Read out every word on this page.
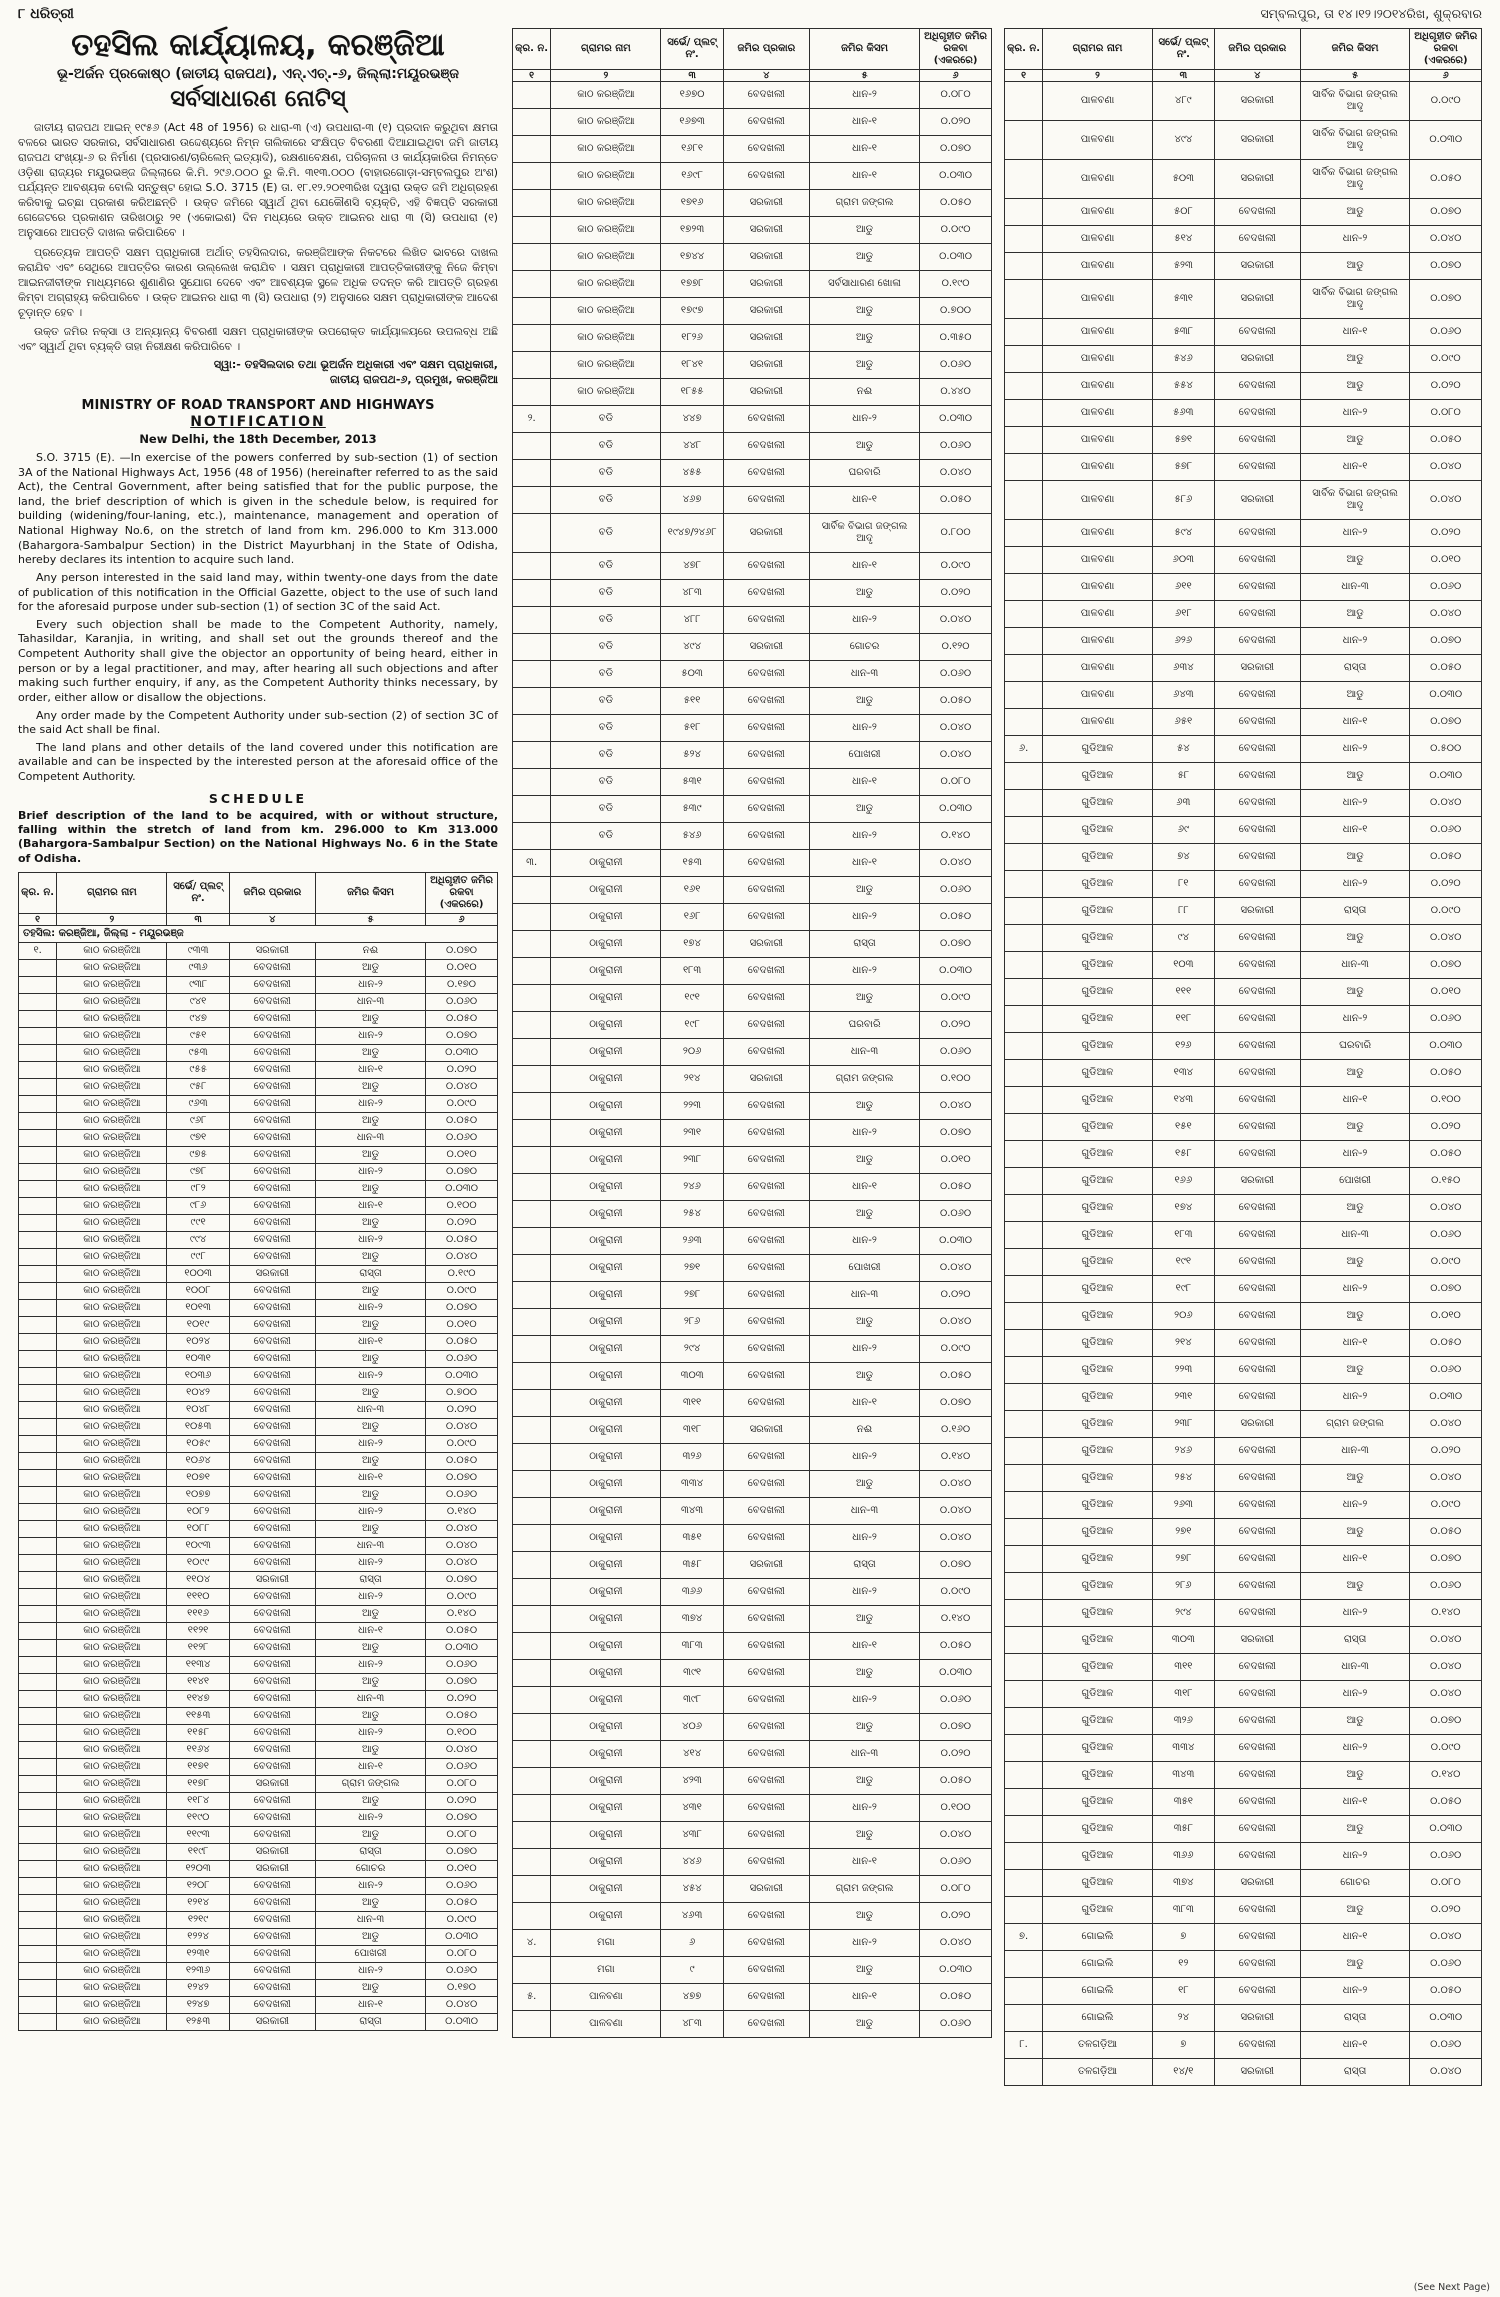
୮ ଧରିତ୍ରୀ	ସମ୍ବଲପୁର, ତା ୧୪।୧୨।୨୦୧୪ରିଖ, ଶୁକ୍ରବାର
ତହସିଲ କାର୍ଯ୍ୟାଳୟ, କରଞ୍ଜିଆ
ଭୂ-ଅର୍ଜନ ପ୍ରକୋଷ୍ଠ (ଜାତୀୟ ରାଜପଥ), ଏନ୍.ଏଚ୍.-୬, ଜିଲ୍ଲା:ମୟୂରଭଞ୍ଜ
ସର୍ବସାଧାରଣ ନୋଟିସ୍

ଜାତୀୟ ରାଜପଥ ଆଇନ୍ ୧୯୫୬ (Act 48 of 1956) ର ଧାରା-୩ (ଏ) ଉପଧାରା-୩ (୧) ପ୍ରଦାନ କରୁଥିବା କ୍ଷମତା ବଳରେ ଭାରତ ସରକାର, ସର୍ବସାଧାରଣ ଉଦ୍ଦେଶ୍ୟରେ ନିମ୍ନ ତାଲିକାରେ ସଂକ୍ଷିପ୍ତ ବିବରଣୀ ଦିଆଯାଇଥିବା ଜମି ଜାତୀୟ ରାଜପଥ ସଂଖ୍ୟା-୬ ର ନିର୍ମାଣ (ପ୍ରସାରଣ/ଚାରିଲେନ୍ ଇତ୍ୟାଦି), ରକ୍ଷଣାବେକ୍ଷଣ, ପରିଚାଳନା ଓ କାର୍ଯ୍ୟକାରିତା ନିମନ୍ତେ ଓଡ଼ିଶା ରାଜ୍ୟର ମୟୂରଭଞ୍ଜ ଜିଲ୍ଲାରେ କି.ମି. ୨୯୬.୦୦୦ ରୁ କି.ମି. ୩୧୩.୦୦୦ (ବାହାରଗୋଡ଼ା-ସମ୍ବଲପୁର ଅଂଶ) ପର୍ଯ୍ୟନ୍ତ ଆବଶ୍ୟକ ବୋଲି ସନ୍ତୁଷ୍ଟ ହୋଇ S.O. 3715 (E) ତା. ୧୮.୧୨.୨୦୧୩ରିଖ ଦ୍ୱାରା ଉକ୍ତ ଜମି ଅଧିଗ୍ରହଣ କରିବାକୁ ଇଚ୍ଛା ପ୍ରକାଶ କରିଅଛନ୍ତି । ଉକ୍ତ ଜମିରେ ସ୍ୱାର୍ଥ ଥିବା ଯେକୌଣସି ବ୍ୟକ୍ତି, ଏହି ବିଜ୍ଞପ୍ତି ସରକାରୀ ଗେଜେଟରେ ପ୍ରକାଶନ ତାରିଖଠାରୁ ୨୧ (ଏକୋଇଶ) ଦିନ ମଧ୍ୟରେ ଉକ୍ତ ଆଇନର ଧାରା ୩ (ସି) ଉପଧାରା (୧) ଅନୁସାରେ ଆପତ୍ତି ଦାଖଲ କରିପାରିବେ ।

ପ୍ରତ୍ୟେକ ଆପତ୍ତି ସକ୍ଷମ ପ୍ରାଧିକାରୀ ଅର୍ଥାତ୍ ତହସିଲଦାର, କରଞ୍ଜିଆଙ୍କ ନିକଟରେ ଲିଖିତ ଭାବରେ ଦାଖଲ କରାଯିବ ଏବଂ ସେଥିରେ ଆପତ୍ତିର କାରଣ ଉଲ୍ଲେଖ କରାଯିବ । ସକ୍ଷମ ପ୍ରାଧିକାରୀ ଆପତ୍ତିକାରୀଙ୍କୁ ନିଜେ କିମ୍ବା ଆଇନଜୀବୀଙ୍କ ମାଧ୍ୟମରେ ଶୁଣାଣିର ସୁଯୋଗ ଦେବେ ଏବଂ ଆବଶ୍ୟକ ସ୍ଥଳେ ଅଧିକ ତଦନ୍ତ କରି ଆପତ୍ତି ଗ୍ରହଣ କିମ୍ବା ଅଗ୍ରାହ୍ୟ କରିପାରିବେ । ଉକ୍ତ ଆଇନର ଧାରା ୩ (ସି) ଉପଧାରା (୨) ଅନୁସାରେ ସକ୍ଷମ ପ୍ରାଧିକାରୀଙ୍କ ଆଦେଶ ଚୂଡ଼ାନ୍ତ ହେବ ।

ଉକ୍ତ ଜମିର ନକ୍ସା ଓ ଅନ୍ୟାନ୍ୟ ବିବରଣୀ ସକ୍ଷମ ପ୍ରାଧିକାରୀଙ୍କ ଉପରୋକ୍ତ କାର୍ଯ୍ୟାଳୟରେ ଉପଲବ୍ଧ ଅଛି ଏବଂ ସ୍ୱାର୍ଥ ଥିବା ବ୍ୟକ୍ତି ତାହା ନିରୀକ୍ଷଣ କରିପାରିବେ ।

ସ୍ୱା:- ତହସିଲଦାର ତଥା ଭୂଅର୍ଜନ ଅଧିକାରୀ ଏବଂ ସକ୍ଷମ ପ୍ରାଧିକାରୀ,
ଜାତୀୟ ରାଜପଥ-୬, ପ୍ରମୁଖ, କରଞ୍ଜିଆ
MINISTRY OF ROAD TRANSPORT AND HIGHWAYS
NOTIFICATION
New Delhi, the 18th December, 2013

S.O. 3715 (E). —In exercise of the powers conferred by sub-section (1) of section 3A of the National Highways Act, 1956 (48 of 1956) (hereinafter referred to as the said Act), the Central Government, after being satisfied that for the public purpose, the land, the brief description of which is given in the schedule below, is required for building (widening/four-laning, etc.), maintenance, management and operation of National Highway No.6, on the stretch of land from km. 296.000 to Km 313.000 (Bahargora-Sambalpur Section) in the District Mayurbhanj in the State of Odisha, hereby declares its intention to acquire such land.

Any person interested in the said land may, within twenty-one days from the date of publication of this notification in the Official Gazette, object to the use of such land for the aforesaid purpose under sub-section (1) of section 3C of the said Act.

Every such objection shall be made to the Competent Authority, namely, Tahasildar, Karanjia, in writing, and shall set out the grounds thereof and the Competent Authority shall give the objector an opportunity of being heard, either in person or by a legal practitioner, and may, after hearing all such objections and after making such further enquiry, if any, as the Competent Authority thinks necessary, by order, either allow or disallow the objections.

Any order made by the Competent Authority under sub-section (2) of section 3C of the said Act shall be final.

The land plans and other details of the land covered under this notification are available and can be inspected by the interested person at the aforesaid office of the Competent Authority.

SCHEDULE
Brief description of the land to be acquired, with or without structure, falling within the stretch of land from km. 296.000 to Km 313.000 (Bahargora-Sambalpur Section) on the National Highways No. 6 in the State of Odisha.
କ୍ର. ନ.	ଗ୍ରାମର ନାମ	ସର୍ଭେ/ ପ୍ଲଟ୍ ନଂ.	ଜମିର ପ୍ରକାର	ଜମିର କିସମ	ଅଧିଗୃହୀତ ଜମିର ରକବା (ଏକରରେ)
୧	୨	୩	୪	୫	୬
ତହସିଲ: କରଞ୍ଜିଆ, ଜିଲ୍ଲା - ମୟୂରଭଞ୍ଜ					
୧.	କାଠ କରଞ୍ଜିଆ	୯୩୩	ସରକାରୀ	ନଈ	୦.୦୭୦
	କାଠ କରଞ୍ଜିଆ	୯୩୬	ବେଦଖଲୀ	ଆଡୁ	୦.୦୧୦
	କାଠ କରଞ୍ଜିଆ	୯୩୮	ବେଦଖଲୀ	ଧାନ-୨	୦.୧୭୦
	କାଠ କରଞ୍ଜିଆ	୯୪୧	ବେଦଖଲୀ	ଧାନ-୩	୦.୦୬୦
	କାଠ କରଞ୍ଜିଆ	୯୪୭	ବେଦଖଲୀ	ଆଡୁ	୦.୦୫୦
	କାଠ କରଞ୍ଜିଆ	୯୫୧	ବେଦଖଲୀ	ଧାନ-୨	୦.୦୭୦
	କାଠ କରଞ୍ଜିଆ	୯୫୩	ବେଦଖଲୀ	ଆଡୁ	୦.୦୩୦
	କାଠ କରଞ୍ଜିଆ	୯୫୫	ବେଦଖଲୀ	ଧାନ-୧	୦.୦୨୦
	କାଠ କରଞ୍ଜିଆ	୯୫୮	ବେଦଖଲୀ	ଆଡୁ	୦.୦୪୦
	କାଠ କରଞ୍ଜିଆ	୯୬୩	ବେଦଖଲୀ	ଧାନ-୨	୦.୦୯୦
	କାଠ କରଞ୍ଜିଆ	୯୬୮	ବେଦଖଲୀ	ଆଡୁ	୦.୦୫୦
	କାଠ କରଞ୍ଜିଆ	୯୭୧	ବେଦଖଲୀ	ଧାନ-୩	୦.୦୬୦
	କାଠ କରଞ୍ଜିଆ	୯୭୫	ବେଦଖଲୀ	ଆଡୁ	୦.୦୧୦
	କାଠ କରଞ୍ଜିଆ	୯୭୮	ବେଦଖଲୀ	ଧାନ-୨	୦.୦୭୦
	କାଠ କରଞ୍ଜିଆ	୯୮୨	ବେଦଖଲୀ	ଆଡୁ	୦.୦୩୦
	କାଠ କରଞ୍ଜିଆ	୯୮୬	ବେଦଖଲୀ	ଧାନ-୧	୦.୧୦୦
	କାଠ କରଞ୍ଜିଆ	୯୯୧	ବେଦଖଲୀ	ଆଡୁ	୦.୦୨୦
	କାଠ କରଞ୍ଜିଆ	୯୯୪	ବେଦଖଲୀ	ଧାନ-୨	୦.୦୫୦
	କାଠ କରଞ୍ଜିଆ	୯୯୮	ବେଦଖଲୀ	ଆଡୁ	୦.୦୪୦
	କାଠ କରଞ୍ଜିଆ	୧୦୦୩	ସରକାରୀ	ରାସ୍ତା	୦.୧୯୦
	କାଠ କରଞ୍ଜିଆ	୧୦୦୮	ବେଦଖଲୀ	ଆଡୁ	୦.୦୯୦
	କାଠ କରଞ୍ଜିଆ	୧୦୧୩	ବେଦଖଲୀ	ଧାନ-୨	୦.୦୭୦
	କାଠ କରଞ୍ଜିଆ	୧୦୧୯	ବେଦଖଲୀ	ଆଡୁ	୦.୦୧୦
	କାଠ କରଞ୍ଜିଆ	୧୦୨୪	ବେଦଖଲୀ	ଧାନ-୧	୦.୦୫୦
	କାଠ କରଞ୍ଜିଆ	୧୦୩୧	ବେଦଖଲୀ	ଆଡୁ	୦.୦୬୦
	କାଠ କରଞ୍ଜିଆ	୧୦୩୬	ବେଦଖଲୀ	ଧାନ-୨	୦.୦୩୦
	କାଠ କରଞ୍ଜିଆ	୧୦୪୨	ବେଦଖଲୀ	ଆଡୁ	୦.୭୦୦
	କାଠ କରଞ୍ଜିଆ	୧୦୪୮	ବେଦଖଲୀ	ଧାନ-୩	୦.୦୨୦
	କାଠ କରଞ୍ଜିଆ	୧୦୫୩	ବେଦଖଲୀ	ଆଡୁ	୦.୦୪୦
	କାଠ କରଞ୍ଜିଆ	୧୦୫୯	ବେଦଖଲୀ	ଧାନ-୨	୦.୦୯୦
	କାଠ କରଞ୍ଜିଆ	୧୦୬୪	ବେଦଖଲୀ	ଆଡୁ	୦.୦୫୦
	କାଠ କରଞ୍ଜିଆ	୧୦୭୧	ବେଦଖଲୀ	ଧାନ-୧	୦.୦୭୦
	କାଠ କରଞ୍ଜିଆ	୧୦୭୭	ବେଦଖଲୀ	ଆଡୁ	୦.୦୬୦
	କାଠ କରଞ୍ଜିଆ	୧୦୮୨	ବେଦଖଲୀ	ଧାନ-୨	୦.୧୪୦
	କାଠ କରଞ୍ଜିଆ	୧୦୮୮	ବେଦଖଲୀ	ଆଡୁ	୦.୦୪୦
	କାଠ କରଞ୍ଜିଆ	୧୦୯୩	ବେଦଖଲୀ	ଧାନ-୩	୦.୦୪୦
	କାଠ କରଞ୍ଜିଆ	୧୦୯୯	ବେଦଖଲୀ	ଧାନ-୨	୦.୦୪୦
	କାଠ କରଞ୍ଜିଆ	୧୧୦୪	ସରକାରୀ	ରାସ୍ତା	୦.୦୭୦
	କାଠ କରଞ୍ଜିଆ	୧୧୧୦	ବେଦଖଲୀ	ଧାନ-୨	୦.୦୯୦
	କାଠ କରଞ୍ଜିଆ	୧୧୧୬	ବେଦଖଲୀ	ଆଡୁ	୦.୧୪୦
	କାଠ କରଞ୍ଜିଆ	୧୧୨୧	ବେଦଖଲୀ	ଧାନ-୧	୦.୦୫୦
	କାଠ କରଞ୍ଜିଆ	୧୧୨୮	ବେଦଖଲୀ	ଆଡୁ	୦.୦୩୦
	କାଠ କରଞ୍ଜିଆ	୧୧୩୪	ବେଦଖଲୀ	ଧାନ-୨	୦.୦୬୦
	କାଠ କରଞ୍ଜିଆ	୧୧୪୧	ବେଦଖଲୀ	ଆଡୁ	୦.୦୭୦
	କାଠ କରଞ୍ଜିଆ	୧୧୪୭	ବେଦଖଲୀ	ଧାନ-୩	୦.୦୨୦
	କାଠ କରଞ୍ଜିଆ	୧୧୫୩	ବେଦଖଲୀ	ଆଡୁ	୦.୦୫୦
	କାଠ କରଞ୍ଜିଆ	୧୧୫୮	ବେଦଖଲୀ	ଧାନ-୨	୦.୧୦୦
	କାଠ କରଞ୍ଜିଆ	୧୧୬୪	ବେଦଖଲୀ	ଆଡୁ	୦.୦୪୦
	କାଠ କରଞ୍ଜିଆ	୧୧୭୧	ବେଦଖଲୀ	ଧାନ-୧	୦.୦୬୦
	କାଠ କରଞ୍ଜିଆ	୧୧୭୮	ସରକାରୀ	ଗ୍ରାମ ଜଙ୍ଗଲ	୦.୦୮୦
	କାଠ କରଞ୍ଜିଆ	୧୧୮୪	ବେଦଖଲୀ	ଆଡୁ	୦.୦୨୦
	କାଠ କରଞ୍ଜିଆ	୧୧୯୦	ବେଦଖଲୀ	ଧାନ-୨	୦.୦୭୦
	କାଠ କରଞ୍ଜିଆ	୧୧୯୩	ବେଦଖଲୀ	ଆଡୁ	୦.୦୮୦
	କାଠ କରଞ୍ଜିଆ	୧୧୯୮	ସରକାରୀ	ରାସ୍ତା	୦.୦୭୦
	କାଠ କରଞ୍ଜିଆ	୧୨୦୩	ସରକାରୀ	ଗୋଚର	୦.୦୧୦
	କାଠ କରଞ୍ଜିଆ	୧୨୦୮	ବେଦଖଲୀ	ଧାନ-୨	୦.୦୬୦
	କାଠ କରଞ୍ଜିଆ	୧୨୧୪	ବେଦଖଲୀ	ଆଡୁ	୦.୦୫୦
	କାଠ କରଞ୍ଜିଆ	୧୨୧୯	ବେଦଖଲୀ	ଧାନ-୩	୦.୦୯୦
	କାଠ କରଞ୍ଜିଆ	୧୨୨୪	ବେଦଖଲୀ	ଆଡୁ	୦.୦୩୦
	କାଠ କରଞ୍ଜିଆ	୧୨୩୧	ବେଦଖଲୀ	ପୋଖରୀ	୦.୦୮୦
	କାଠ କରଞ୍ଜିଆ	୧୨୩୬	ବେଦଖଲୀ	ଧାନ-୨	୦.୦୬୦
	କାଠ କରଞ୍ଜିଆ	୧୨୪୨	ବେଦଖଲୀ	ଆଡୁ	୦.୧୭୦
	କାଠ କରଞ୍ଜିଆ	୧୨୪୭	ବେଦଖଲୀ	ଧାନ-୧	୦.୦୪୦
	କାଠ କରଞ୍ଜିଆ	୧୨୫୩	ସରକାରୀ	ରାସ୍ତା	୦.୦୩୦
କ୍ର. ନ.	ଗ୍ରାମର ନାମ	ସର୍ଭେ/ ପ୍ଲଟ୍ ନଂ.	ଜମିର ପ୍ରକାର	ଜମିର କିସମ	ଅଧିଗୃହୀତ ଜମିର ରକବା (ଏକରରେ)
୧	୨	୩	୪	୫	୬
	କାଠ କରଞ୍ଜିଆ	୧୬୭୦	ବେଦଖଲୀ	ଧାନ-୨	୦.୦୮୦
	କାଠ କରଞ୍ଜିଆ	୧୬୭୩	ବେଦଖଲୀ	ଧାନ-୧	୦.୦୨୦
	କାଠ କରଞ୍ଜିଆ	୧୬୮୧	ବେଦଖଲୀ	ଧାନ-୧	୦.୦୭୦
	କାଠ କରଞ୍ଜିଆ	୧୬୯୮	ବେଦଖଲୀ	ଧାନ-୧	୦.୦୩୦
	କାଠ କରଞ୍ଜିଆ	୧୭୧୬	ସରକାରୀ	ଗ୍ରାମ ଜଙ୍ଗଲ	୦.୦୫୦
	କାଠ କରଞ୍ଜିଆ	୧୭୨୩	ସରକାରୀ	ଆଡୁ	୦.୦୯୦
	କାଠ କରଞ୍ଜିଆ	୧୭୪୪	ସରକାରୀ	ଆଡୁ	୦.୦୩୦
	କାଠ କରଞ୍ଜିଆ	୧୭୭୮	ସରକାରୀ	ସର୍ବସାଧାରଣ ଖୋଳା	୦.୧୯୦
	କାଠ କରଞ୍ଜିଆ	୧୭୯୭	ସରକାରୀ	ଆଡୁ	୦.୭୦୦
	କାଠ କରଞ୍ଜିଆ	୧୮୨୬	ସରକାରୀ	ଆଡୁ	୦.୩୫୦
	କାଠ କରଞ୍ଜିଆ	୧୮୪୧	ସରକାରୀ	ଆଡୁ	୦.୦୬୦
	କାଠ କରଞ୍ଜିଆ	୧୮୫୫	ସରକାରୀ	ନଈ	୦.୪୪୦
୨.	ବଡି	୪୪୭	ବେଦଖଲୀ	ଧାନ-୨	୦.୦୩୦
	ବଡି	୪୪୮	ବେଦଖଲୀ	ଆଡୁ	୦.୦୬୦
	ବଡି	୪୫୫	ବେଦଖଲୀ	ଘରବାରି	୦.୦୪୦
	ବଡି	୪୬୭	ବେଦଖଲୀ	ଧାନ-୧	୦.୦୫୦
	ବଡି	୧୯୪୭/୨୪୬୮	ସରକାରୀ	ସାର୍ବିକ ବିଭାଗ ଜଙ୍ଗଲ ଆଦୃ	୦.୮୦୦
	ବଡି	୪୭୮	ବେଦଖଲୀ	ଧାନ-୧	୦.୦୯୦
	ବଡି	୪୮୩	ବେଦଖଲୀ	ଆଡୁ	୦.୦୨୦
	ବଡି	୪୮୮	ବେଦଖଲୀ	ଧାନ-୨	୦.୦୪୦
	ବଡି	୪୯୪	ସରକାରୀ	ଗୋଚର	୦.୧୨୦
	ବଡି	୫୦୩	ବେଦଖଲୀ	ଧାନ-୩	୦.୦୬୦
	ବଡି	୫୧୧	ବେଦଖଲୀ	ଆଡୁ	୦.୦୫୦
	ବଡି	୫୧୮	ବେଦଖଲୀ	ଧାନ-୨	୦.୦୪୦
	ବଡି	୫୨୪	ବେଦଖଲୀ	ପୋଖରୀ	୦.୦୪୦
	ବଡି	୫୩୧	ବେଦଖଲୀ	ଧାନ-୧	୦.୦୮୦
	ବଡି	୫୩୯	ବେଦଖଲୀ	ଆଡୁ	୦.୦୩୦
	ବଡି	୫୪୬	ବେଦଖଲୀ	ଧାନ-୨	୦.୧୪୦
୩.	ଠାକୁରାନୀ	୧୫୩	ବେଦଖଲୀ	ଧାନ-୧	୦.୦୪୦
	ଠାକୁରାନୀ	୧୬୧	ବେଦଖଲୀ	ଆଡୁ	୦.୦୬୦
	ଠାକୁରାନୀ	୧୬୮	ବେଦଖଲୀ	ଧାନ-୨	୦.୦୫୦
	ଠାକୁରାନୀ	୧୭୪	ସରକାରୀ	ରାସ୍ତା	୦.୦୭୦
	ଠାକୁରାନୀ	୧୮୩	ବେଦଖଲୀ	ଧାନ-୨	୦.୦୩୦
	ଠାକୁରାନୀ	୧୯୧	ବେଦଖଲୀ	ଆଡୁ	୦.୦୯୦
	ଠାକୁରାନୀ	୧୯୮	ବେଦଖଲୀ	ଘରବାରି	୦.୦୨୦
	ଠାକୁରାନୀ	୨୦୬	ବେଦଖଲୀ	ଧାନ-୩	୦.୦୬୦
	ଠାକୁରାନୀ	୨୧୪	ସରକାରୀ	ଗ୍ରାମ ଜଙ୍ଗଲ	୦.୧୦୦
	ଠାକୁରାନୀ	୨୨୩	ବେଦଖଲୀ	ଆଡୁ	୦.୦୪୦
	ଠାକୁରାନୀ	୨୩୧	ବେଦଖଲୀ	ଧାନ-୨	୦.୦୭୦
	ଠାକୁରାନୀ	୨୩୮	ବେଦଖଲୀ	ଆଡୁ	୦.୦୧୦
	ଠାକୁରାନୀ	୨୪୬	ବେଦଖଲୀ	ଧାନ-୧	୦.୦୫୦
	ଠାକୁରାନୀ	୨୫୪	ବେଦଖଲୀ	ଆଡୁ	୦.୦୬୦
	ଠାକୁରାନୀ	୨୬୩	ବେଦଖଲୀ	ଧାନ-୨	୦.୦୩୦
	ଠାକୁରାନୀ	୨୭୧	ବେଦଖଲୀ	ପୋଖରୀ	୦.୦୪୦
	ଠାକୁରାନୀ	୨୭୮	ବେଦଖଲୀ	ଧାନ-୩	୦.୦୨୦
	ଠାକୁରାନୀ	୨୮୬	ବେଦଖଲୀ	ଆଡୁ	୦.୦୪୦
	ଠାକୁରାନୀ	୨୯୪	ବେଦଖଲୀ	ଧାନ-୨	୦.୦୯୦
	ଠାକୁରାନୀ	୩୦୩	ବେଦଖଲୀ	ଆଡୁ	୦.୦୫୦
	ଠାକୁରାନୀ	୩୧୧	ବେଦଖଲୀ	ଧାନ-୧	୦.୦୭୦
	ଠାକୁରାନୀ	୩୧୮	ସରକାରୀ	ନଈ	୦.୧୬୦
	ଠାକୁରାନୀ	୩୨୬	ବେଦଖଲୀ	ଧାନ-୨	୦.୧୪୦
	ଠାକୁରାନୀ	୩୩୪	ବେଦଖଲୀ	ଆଡୁ	୦.୦୪୦
	ଠାକୁରାନୀ	୩୪୩	ବେଦଖଲୀ	ଧାନ-୩	୦.୦୪୦
	ଠାକୁରାନୀ	୩୫୧	ବେଦଖଲୀ	ଧାନ-୨	୦.୦୪୦
	ଠାକୁରାନୀ	୩୫୮	ସରକାରୀ	ରାସ୍ତା	୦.୦୭୦
	ଠାକୁରାନୀ	୩୬୬	ବେଦଖଲୀ	ଧାନ-୨	୦.୦୯୦
	ଠାକୁରାନୀ	୩୭୪	ବେଦଖଲୀ	ଆଡୁ	୦.୧୪୦
	ଠାକୁରାନୀ	୩୮୩	ବେଦଖଲୀ	ଧାନ-୧	୦.୦୫୦
	ଠାକୁରାନୀ	୩୯୧	ବେଦଖଲୀ	ଆଡୁ	୦.୦୩୦
	ଠାକୁରାନୀ	୩୯୮	ବେଦଖଲୀ	ଧାନ-୨	୦.୦୬୦
	ଠାକୁରାନୀ	୪୦୬	ବେଦଖଲୀ	ଆଡୁ	୦.୦୭୦
	ଠାକୁରାନୀ	୪୧୪	ବେଦଖଲୀ	ଧାନ-୩	୦.୦୨୦
	ଠାକୁରାନୀ	୪୨୩	ବେଦଖଲୀ	ଆଡୁ	୦.୦୫୦
	ଠାକୁରାନୀ	୪୩୧	ବେଦଖଲୀ	ଧାନ-୨	୦.୧୦୦
	ଠାକୁରାନୀ	୪୩୮	ବେଦଖଲୀ	ଆଡୁ	୦.୦୪୦
	ଠାକୁରାନୀ	୪୪୬	ବେଦଖଲୀ	ଧାନ-୧	୦.୦୬୦
	ଠାକୁରାନୀ	୪୫୪	ସରକାରୀ	ଗ୍ରାମ ଜଙ୍ଗଲ	୦.୦୮୦
	ଠାକୁରାନୀ	୪୬୩	ବେଦଖଲୀ	ଆଡୁ	୦.୦୨୦
୪.	ମଗା	୬	ବେଦଖଲୀ	ଧାନ-୨	୦.୦୪୦
	ମଗା	୯	ବେଦଖଲୀ	ଆଡୁ	୦.୦୩୦
୫.	ପାଳବଣା	୪୭୭	ବେଦଖଲୀ	ଧାନ-୧	୦.୦୫୦
	ପାଳବଣା	୪୮୩	ବେଦଖଲୀ	ଆଡୁ	୦.୦୬୦
କ୍ର. ନ.	ଗ୍ରାମର ନାମ	ସର୍ଭେ/ ପ୍ଲଟ୍ ନଂ.	ଜମିର ପ୍ରକାର	ଜମିର କିସମ	ଅଧିଗୃହୀତ ଜମିର ରକବା (ଏକରରେ)
୧	୨	୩	୪	୫	୬
	ପାଳବଣା	୪୮୯	ସରକାରୀ	ସାର୍ବିକ ବିଭାଗ ଜଙ୍ଗଲ ଆଦୃ	୦.୦୯୦
	ପାଳବଣା	୪୯୪	ସରକାରୀ	ସାର୍ବିକ ବିଭାଗ ଜଙ୍ଗଲ ଆଦୃ	୦.୦୩୦
	ପାଳବଣା	୫୦୩	ସରକାରୀ	ସାର୍ବିକ ବିଭାଗ ଜଙ୍ଗଲ ଆଦୃ	୦.୦୫୦
	ପାଳବଣା	୫୦୮	ବେଦଖଲୀ	ଆଡୁ	୦.୦୭୦
	ପାଳବଣା	୫୧୪	ବେଦଖଲୀ	ଧାନ-୨	୦.୦୪୦
	ପାଳବଣା	୫୨୩	ସରକାରୀ	ଆଡୁ	୦.୦୭୦
	ପାଳବଣା	୫୩୧	ସରକାରୀ	ସାର୍ବିକ ବିଭାଗ ଜଙ୍ଗଲ ଆଦୃ	୦.୦୭୦
	ପାଳବଣା	୫୩୮	ବେଦଖଲୀ	ଧାନ-୧	୦.୦୬୦
	ପାଳବଣା	୫୪୬	ସରକାରୀ	ଆଡୁ	୦.୦୯୦
	ପାଳବଣା	୫୫୪	ବେଦଖଲୀ	ଆଡୁ	୦.୦୨୦
	ପାଳବଣା	୫୬୩	ବେଦଖଲୀ	ଧାନ-୨	୦.୦୮୦
	ପାଳବଣା	୫୭୧	ବେଦଖଲୀ	ଆଡୁ	୦.୦୫୦
	ପାଳବଣା	୫୭୮	ବେଦଖଲୀ	ଧାନ-୧	୦.୦୪୦
	ପାଳବଣା	୫୮୬	ସରକାରୀ	ସାର୍ବିକ ବିଭାଗ ଜଙ୍ଗଲ ଆଦୃ	୦.୦୪୦
	ପାଳବଣା	୫୯୪	ବେଦଖଲୀ	ଧାନ-୨	୦.୦୨୦
	ପାଳବଣା	୬୦୩	ବେଦଖଲୀ	ଆଡୁ	୦.୦୧୦
	ପାଳବଣା	୬୧୧	ବେଦଖଲୀ	ଧାନ-୩	୦.୦୬୦
	ପାଳବଣା	୬୧୮	ବେଦଖଲୀ	ଆଡୁ	୦.୦୪୦
	ପାଳବଣା	୬୨୬	ବେଦଖଲୀ	ଧାନ-୨	୦.୦୭୦
	ପାଳବଣା	୬୩୪	ସରକାରୀ	ରାସ୍ତା	୦.୦୫୦
	ପାଳବଣା	୬୪୩	ବେଦଖଲୀ	ଆଡୁ	୦.୦୩୦
	ପାଳବଣା	୬୫୧	ବେଦଖଲୀ	ଧାନ-୧	୦.୦୭୦
୬.	ଗୁଡିଆଳ	୫୪	ବେଦଖଲୀ	ଧାନ-୨	୦.୫୦୦
	ଗୁଡିଆଳ	୫୮	ବେଦଖଲୀ	ଆଡୁ	୦.୦୩୦
	ଗୁଡିଆଳ	୬୩	ବେଦଖଲୀ	ଧାନ-୨	୦.୦୪୦
	ଗୁଡିଆଳ	୬୯	ବେଦଖଲୀ	ଧାନ-୧	୦.୦୬୦
	ଗୁଡିଆଳ	୭୪	ବେଦଖଲୀ	ଆଡୁ	୦.୦୫୦
	ଗୁଡିଆଳ	୮୧	ବେଦଖଲୀ	ଧାନ-୨	୦.୦୨୦
	ଗୁଡିଆଳ	୮୮	ସରକାରୀ	ରାସ୍ତା	୦.୦୯୦
	ଗୁଡିଆଳ	୯୪	ବେଦଖଲୀ	ଆଡୁ	୦.୦୪୦
	ଗୁଡିଆଳ	୧୦୩	ବେଦଖଲୀ	ଧାନ-୩	୦.୦୭୦
	ଗୁଡିଆଳ	୧୧୧	ବେଦଖଲୀ	ଆଡୁ	୦.୦୧୦
	ଗୁଡିଆଳ	୧୧୮	ବେଦଖଲୀ	ଧାନ-୨	୦.୦୬୦
	ଗୁଡିଆଳ	୧୨୬	ବେଦଖଲୀ	ଘରବାରି	୦.୦୩୦
	ଗୁଡିଆଳ	୧୩୪	ବେଦଖଲୀ	ଆଡୁ	୦.୦୫୦
	ଗୁଡିଆଳ	୧୪୩	ବେଦଖଲୀ	ଧାନ-୧	୦.୧୦୦
	ଗୁଡିଆଳ	୧୫୧	ବେଦଖଲୀ	ଆଡୁ	୦.୦୨୦
	ଗୁଡିଆଳ	୧୫୮	ବେଦଖଲୀ	ଧାନ-୨	୦.୦୫୦
	ଗୁଡିଆଳ	୧୬୬	ସରକାରୀ	ପୋଖରୀ	୦.୧୫୦
	ଗୁଡିଆଳ	୧୭୪	ବେଦଖଲୀ	ଆଡୁ	୦.୦୪୦
	ଗୁଡିଆଳ	୧୮୩	ବେଦଖଲୀ	ଧାନ-୩	୦.୦୬୦
	ଗୁଡିଆଳ	୧୯୧	ବେଦଖଲୀ	ଆଡୁ	୦.୦୯୦
	ଗୁଡିଆଳ	୧୯୮	ବେଦଖଲୀ	ଧାନ-୨	୦.୦୭୦
	ଗୁଡିଆଳ	୨୦୬	ବେଦଖଲୀ	ଆଡୁ	୦.୦୧୦
	ଗୁଡିଆଳ	୨୧୪	ବେଦଖଲୀ	ଧାନ-୧	୦.୦୫୦
	ଗୁଡିଆଳ	୨୨୩	ବେଦଖଲୀ	ଆଡୁ	୦.୦୬୦
	ଗୁଡିଆଳ	୨୩୧	ବେଦଖଲୀ	ଧାନ-୨	୦.୦୩୦
	ଗୁଡିଆଳ	୨୩୮	ସରକାରୀ	ଗ୍ରାମ ଜଙ୍ଗଲ	୦.୦୪୦
	ଗୁଡିଆଳ	୨୪୬	ବେଦଖଲୀ	ଧାନ-୩	୦.୦୨୦
	ଗୁଡିଆଳ	୨୫୪	ବେଦଖଲୀ	ଆଡୁ	୦.୦୪୦
	ଗୁଡିଆଳ	୨୬୩	ବେଦଖଲୀ	ଧାନ-୨	୦.୦୯୦
	ଗୁଡିଆଳ	୨୭୧	ବେଦଖଲୀ	ଆଡୁ	୦.୦୫୦
	ଗୁଡିଆଳ	୨୭୮	ବେଦଖଲୀ	ଧାନ-୧	୦.୦୭୦
	ଗୁଡିଆଳ	୨୮୬	ବେଦଖଲୀ	ଆଡୁ	୦.୦୬୦
	ଗୁଡିଆଳ	୨୯୪	ବେଦଖଲୀ	ଧାନ-୨	୦.୧୪୦
	ଗୁଡିଆଳ	୩୦୩	ସରକାରୀ	ରାସ୍ତା	୦.୦୪୦
	ଗୁଡିଆଳ	୩୧୧	ବେଦଖଲୀ	ଧାନ-୩	୦.୦୪୦
	ଗୁଡିଆଳ	୩୧୮	ବେଦଖଲୀ	ଧାନ-୨	୦.୦୪୦
	ଗୁଡିଆଳ	୩୨୬	ବେଦଖଲୀ	ଆଡୁ	୦.୦୭୦
	ଗୁଡିଆଳ	୩୩୪	ବେଦଖଲୀ	ଧାନ-୨	୦.୦୯୦
	ଗୁଡିଆଳ	୩୪୩	ବେଦଖଲୀ	ଆଡୁ	୦.୧୪୦
	ଗୁଡିଆଳ	୩୫୧	ବେଦଖଲୀ	ଧାନ-୧	୦.୦୫୦
	ଗୁଡିଆଳ	୩୫୮	ବେଦଖଲୀ	ଆଡୁ	୦.୦୩୦
	ଗୁଡିଆଳ	୩୬୬	ବେଦଖଲୀ	ଧାନ-୨	୦.୦୬୦
	ଗୁଡିଆଳ	୩୭୪	ସରକାରୀ	ଗୋଚର	୦.୦୮୦
	ଗୁଡିଆଳ	୩୮୩	ବେଦଖଲୀ	ଆଡୁ	୦.୦୨୦
୭.	ଗୋଇଲି	୭	ବେଦଖଲୀ	ଧାନ-୧	୦.୦୪୦
	ଗୋଇଲି	୧୨	ବେଦଖଲୀ	ଆଡୁ	୦.୦୬୦
	ଗୋଇଲି	୧୮	ବେଦଖଲୀ	ଧାନ-୨	୦.୦୫୦
	ଗୋଇଲି	୨୪	ସରକାରୀ	ରାସ୍ତା	୦.୦୩୦
୮.	ତଳଗଡ଼ିଆ	୭	ବେଦଖଲୀ	ଧାନ-୧	୦.୦୬୦
	ତଳଗଡ଼ିଆ	୧୪/୧	ସରକାରୀ	ରାସ୍ତା	୦.୦୪୦
(See Next Page)
